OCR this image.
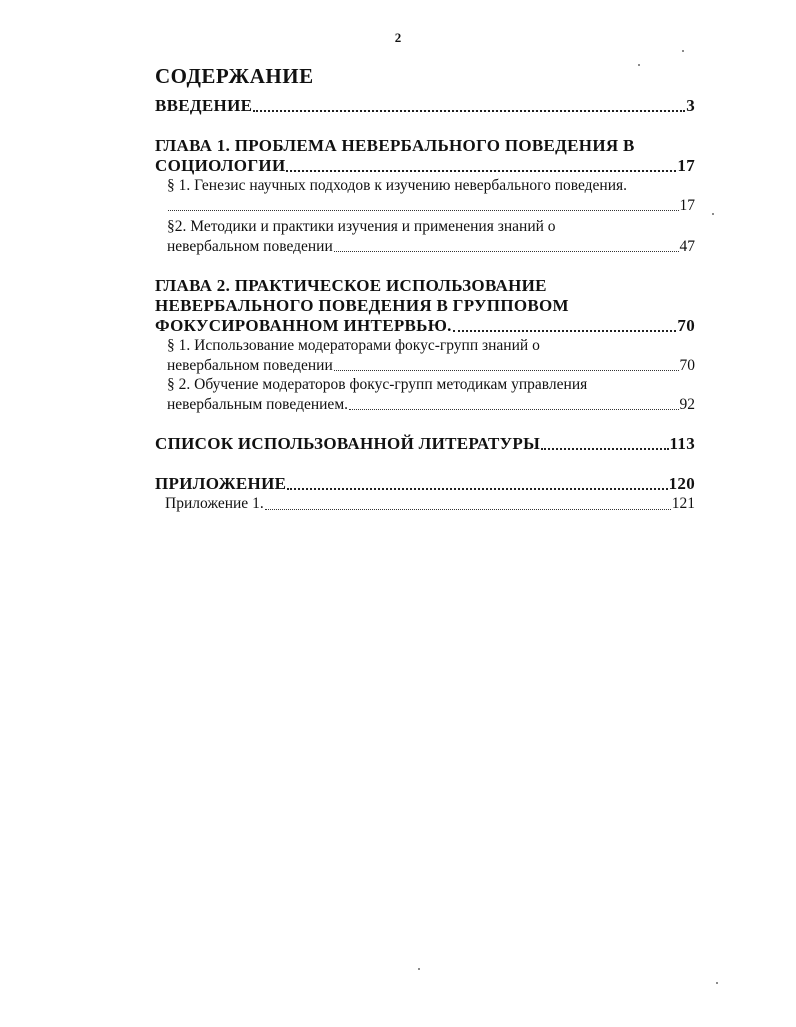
2
СОДЕРЖАНИЕ
ВВЕДЕНИЕ	3
ГЛАВА 1. ПРОБЛЕМА НЕВЕРБАЛЬНОГО ПОВЕДЕНИЯ В
СОЦИОЛОГИИ	17
§ 1. Генезис научных подходов к изучению невербального поведения.
17
§2. Методики и практики изучения и применения знаний о
невербальном поведении	47
ГЛАВА 2. ПРАКТИЧЕСКОЕ ИСПОЛЬЗОВАНИЕ
НЕВЕРБАЛЬНОГО ПОВЕДЕНИЯ В ГРУППОВОМ
ФОКУСИРОВАННОМ ИНТЕРВЬЮ.	70
§ 1. Использование модераторами фокус-групп знаний о
невербальном поведении	70
§ 2. Обучение модераторов фокус-групп методикам управления
невербальным поведением.	92
СПИСОК ИСПОЛЬЗОВАННОЙ ЛИТЕРАТУРЫ	113
ПРИЛОЖЕНИЕ	120
Приложение 1.	121
